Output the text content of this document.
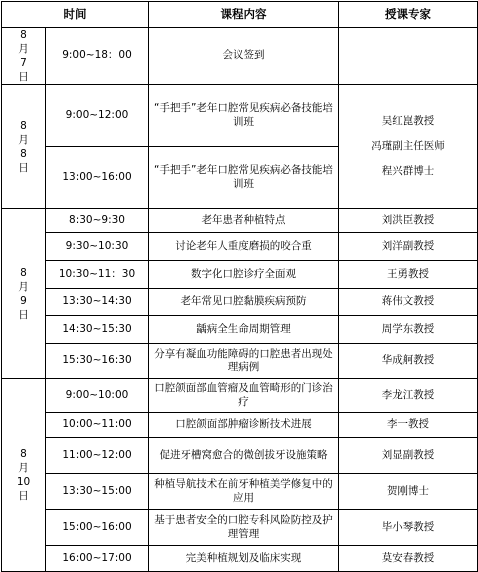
时间		课程内容	授课专家

8
月
7
日	9:00~18：00	会议签到	

8
月
8
日	9:00~12:00	“手把手”老年口腔常见疾病必备技能培训班	吴红崑教授
冯瑾副主任医师
程兴群博士

	13:00~16:00	“手把手”老年口腔常见疾病必备技能培训班	

8
月
9
日	8:30~9:30	老年患者种植特点	刘洪臣教授
	9:30~10:30	讨论老年人重度磨损的咬合重	刘洋副教授
	10:30~11：30	数字化口腔诊疗全面观	王勇教授
	13:30~14:30	老年常见口腔黏膜疾病预防	蒋伟文教授
	14:30~15:30	龋病全生命周期管理	周学东教授
	15:30~16:30	分享有凝血功能障碍的口腔患者出现处理病例	华成舸教授

8
月
10
日	9:00~10:00	口腔颌面部血管瘤及血管畸形的门诊治疗	李龙江教授
	10:00~11:00	口腔颌面部肿瘤诊断技术进展	李一教授
	11:00~12:00	促进牙槽窝愈合的微创拔牙设施策略	刘显副教授
	13:30~15:00	种植导航技术在前牙种植美学修复中的应用	贺刚博士
	15:00~16:00	基于患者安全的口腔专科风险防控及护理管理	毕小琴教授
	16:00~17:00	完美种植规划及临床实现	莫安春教授
